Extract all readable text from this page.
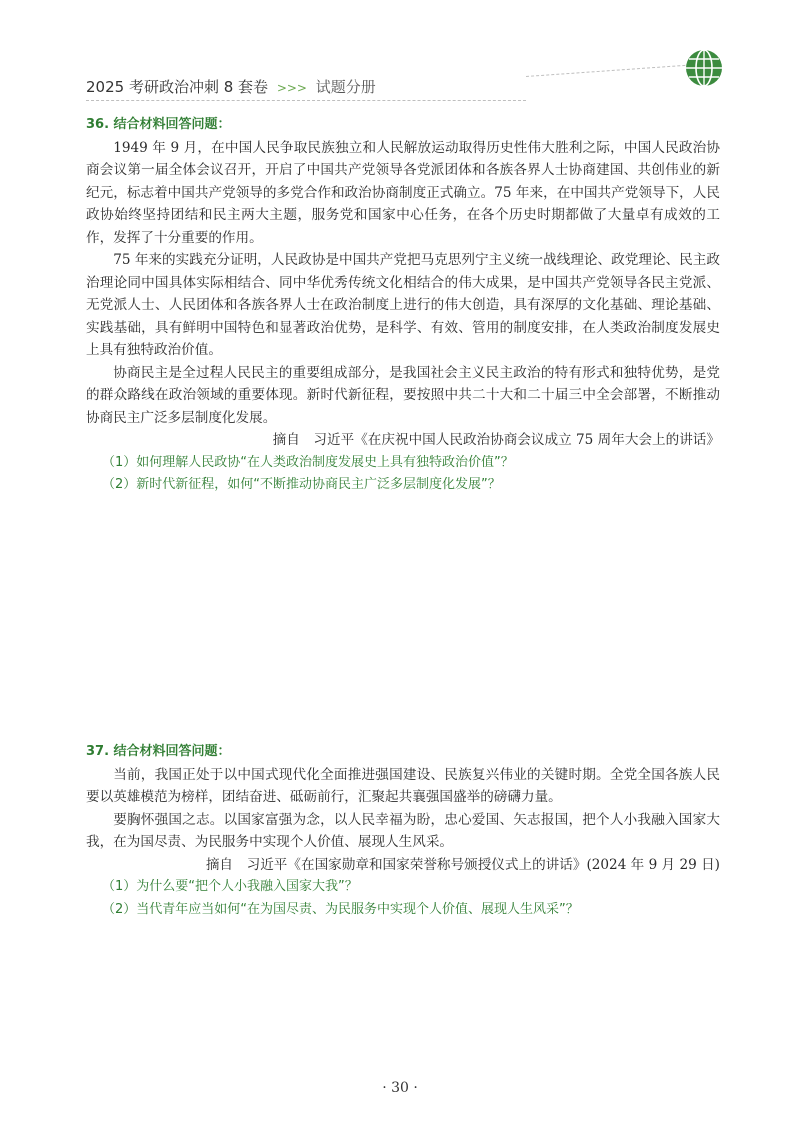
2025 考研政治冲刺 8 套卷 >>> 试题分册
36. 结合材料回答问题：

1949 年 9 月，在中国人民争取民族独立和人民解放运动取得历史性伟大胜利之际，中国人民政治协商会议第一届全体会议召开，开启了中国共产党领导各党派团体和各族各界人士协商建国、共创伟业的新纪元，标志着中国共产党领导的多党合作和政治协商制度正式确立。75 年来，在中国共产党领导下，人民政协始终坚持团结和民主两大主题，服务党和国家中心任务，在各个历史时期都做了大量卓有成效的工作，发挥了十分重要的作用。

75 年来的实践充分证明，人民政协是中国共产党把马克思列宁主义统一战线理论、政党理论、民主政治理论同中国具体实际相结合、同中华优秀传统文化相结合的伟大成果，是中国共产党领导各民主党派、无党派人士、人民团体和各族各界人士在政治制度上进行的伟大创造，具有深厚的文化基础、理论基础、实践基础，具有鲜明中国特色和显著政治优势，是科学、有效、管用的制度安排，在人类政治制度发展史上具有独特政治价值。

协商民主是全过程人民民主的重要组成部分，是我国社会主义民主政治的特有形式和独特优势，是党的群众路线在政治领域的重要体现。新时代新征程，要按照中共二十大和二十届三中全会部署，不断推动协商民主广泛多层制度化发展。

摘自　习近平《在庆祝中国人民政治协商会议成立 75 周年大会上的讲话》

（1）如何理解人民政协“在人类政治制度发展史上具有独特政治价值”？

（2）新时代新征程，如何“不断推动协商民主广泛多层制度化发展”？

37. 结合材料回答问题：

当前，我国正处于以中国式现代化全面推进强国建设、民族复兴伟业的关键时期。全党全国各族人民要以英雄模范为榜样，团结奋进、砥砺前行，汇聚起共襄强国盛举的磅礴力量。

要胸怀强国之志。以国家富强为念，以人民幸福为盼，忠心爱国、矢志报国，把个人小我融入国家大我，在为国尽责、为民服务中实现个人价值、展现人生风采。

摘自　习近平《在国家勋章和国家荣誉称号颁授仪式上的讲话》(2024 年 9 月 29 日)

（1）为什么要“把个人小我融入国家大我”？

（2）当代青年应当如何“在为国尽责、为民服务中实现个人价值、展现人生风采”？

· 30 ·
